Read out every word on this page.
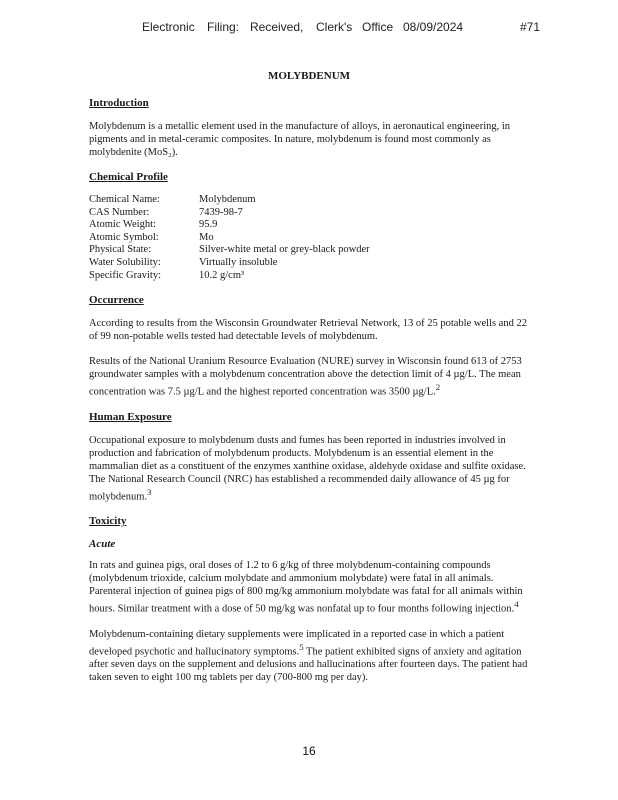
Electronic Filing: Received, Clerk's Office 08/09/2024	#71
MOLYBDENUM
Introduction

Molybdenum is a metallic element used in the manufacture of alloys, in aeronautical engineering, in pigments and in metal-ceramic composites. In nature, molybdenum is found most commonly as molybdenite (MoS₂).

Chemical Profile
Chemical Name:	Molybdenum
CAS Number:	7439-98-7
Atomic Weight:	95.9
Atomic Symbol:	Mo
Physical State:	Silver-white metal or grey-black powder
Water Solubility:	Virtually insoluble
Specific Gravity:	10.2 g/cm³
Occurrence

According to results from the Wisconsin Groundwater Retrieval Network, 13 of 25 potable wells and 22 of 99 non-potable wells tested had detectable levels of molybdenum.

Results of the National Uranium Resource Evaluation (NURE) survey in Wisconsin found 613 of 2753 groundwater samples with a molybdenum concentration above the detection limit of 4 µg/L. The mean concentration was 7.5 µg/L and the highest reported concentration was 3500 µg/L.$^2$

Human Exposure

Occupational exposure to molybdenum dusts and fumes has been reported in industries involved in production and fabrication of molybdenum products. Molybdenum is an essential element in the mammalian diet as a constituent of the enzymes xanthine oxidase, aldehyde oxidase and sulfite oxidase. The National Research Council (NRC) has established a recommended daily allowance of 45 µg for molybdenum.$^3$

Toxicity
Acute

In rats and guinea pigs, oral doses of 1.2 to 6 g/kg of three molybdenum-containing compounds (molybdenum trioxide, calcium molybdate and ammonium molybdate) were fatal in all animals. Parenteral injection of guinea pigs of 800 mg/kg ammonium molybdate was fatal for all animals within hours. Similar treatment with a dose of 50 mg/kg was nonfatal up to four months following injection.$^4$

Molybdenum-containing dietary supplements were implicated in a reported case in which a patient developed psychotic and hallucinatory symptoms.$^5$ The patient exhibited signs of anxiety and agitation after seven days on the supplement and delusions and hallucinations after fourteen days. The patient had taken seven to eight 100 mg tablets per day (700-800 mg per day).

16
